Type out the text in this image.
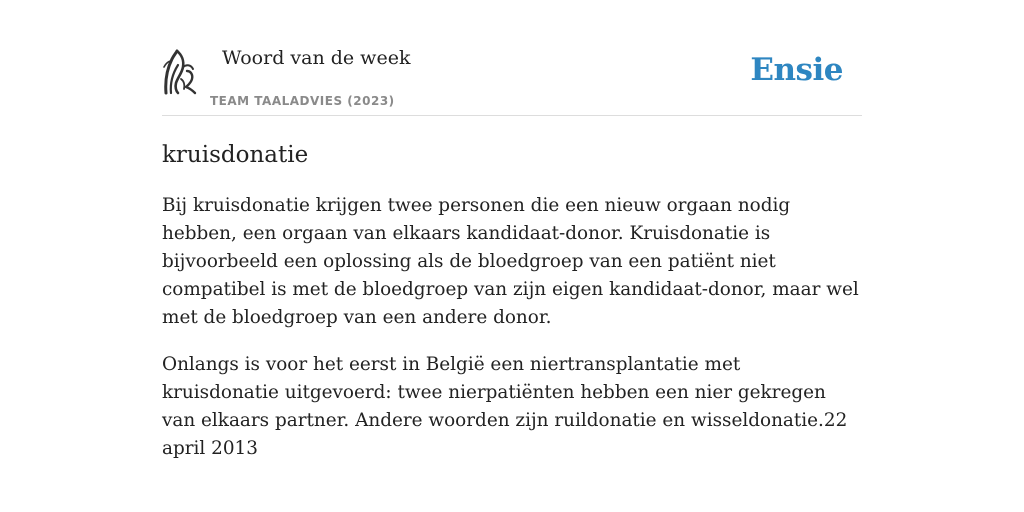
Woord van de week
TEAM TAALADVIES (2023)
Ensie
kruisdonatie

Bij kruisdonatie krijgen twee personen die een nieuw orgaan nodig hebben, een orgaan van elkaars kandidaat-donor. Kruisdonatie is bijvoorbeeld een oplossing als de bloedgroep van een patiënt niet compatibel is met de bloedgroep van zijn eigen kandidaat-donor, maar wel met de bloedgroep van een andere donor.

Onlangs is voor het eerst in België een niertransplantatie met kruisdonatie uitgevoerd: twee nierpatiënten hebben een nier gekregen van elkaars partner. Andere woorden zijn ruildonatie en wisseldonatie.22 april 2013
